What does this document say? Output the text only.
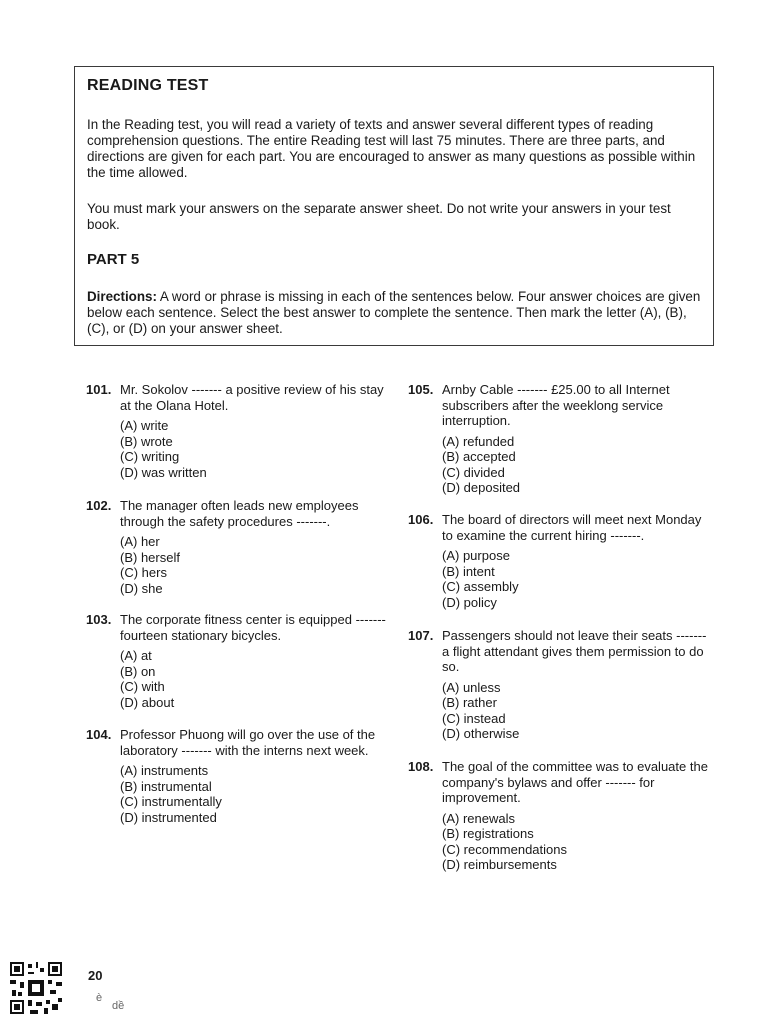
READING TEST

In the Reading test, you will read a variety of texts and answer several different types of reading comprehension questions. The entire Reading test will last 75 minutes. There are three parts, and directions are given for each part. You are encouraged to answer as many questions as possible within the time allowed.

You must mark your answers on the separate answer sheet. Do not write your answers in your test book.

PART 5

Directions: A word or phrase is missing in each of the sentences below. Four answer choices are given below each sentence. Select the best answer to complete the sentence. Then mark the letter (A), (B), (C), or (D) on your answer sheet.

101. Mr. Sokolov ------- a positive review of his stay at the Olana Hotel.
(A) write
(B) wrote
(C) writing
(D) was written
102. The manager often leads new employees through the safety procedures -------.
(A) her
(B) herself
(C) hers
(D) she
103. The corporate fitness center is equipped ------- fourteen stationary bicycles.
(A) at
(B) on
(C) with
(D) about
104. Professor Phuong will go over the use of the laboratory ------- with the interns next week.
(A) instruments
(B) instrumental
(C) instrumentally
(D) instrumented
105. Arnby Cable ------- £25.00 to all Internet subscribers after the weeklong service interruption.
(A) refunded
(B) accepted
(C) divided
(D) deposited
106. The board of directors will meet next Monday to examine the current hiring -------.
(A) purpose
(B) intent
(C) assembly
(D) policy
107. Passengers should not leave their seats ------- a flight attendant gives them permission to do so.
(A) unless
(B) rather
(C) instead
(D) otherwise
108. The goal of the committee was to evaluate the company's bylaws and offer ------- for improvement.
(A) renewals
(B) registrations
(C) recommendations
(D) reimbursements
20
è
dề
